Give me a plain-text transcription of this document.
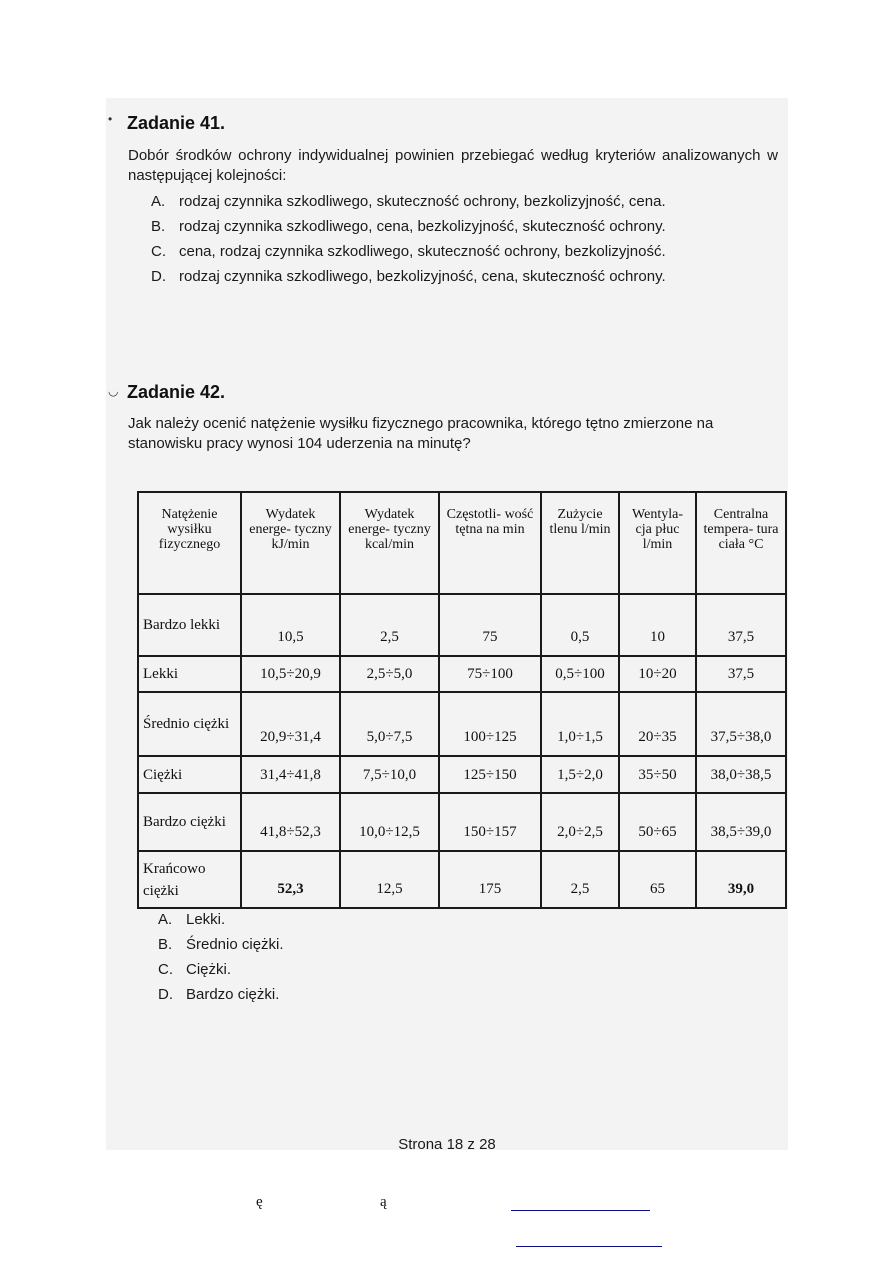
• Zadanie 41.
Dobór środków ochrony indywidualnej powinien przebiegać według kryteriów analizowanych w następującej kolejności:
A. rodzaj czynnika szkodliwego, skuteczność ochrony, bezkolizyjność, cena.
B. rodzaj czynnika szkodliwego, cena, bezkolizyjność, skuteczność ochrony.
C. cena, rodzaj czynnika szkodliwego, skuteczność ochrony, bezkolizyjność.
D. rodzaj czynnika szkodliwego, bezkolizyjność, cena, skuteczność ochrony.
◡ Zadanie 42.
Jak należy ocenić natężenie wysiłku fizycznego pracownika, którego tętno zmierzone na stanowisku pracy wynosi 104 uderzenia na minutę?
Natężenie wysiłku fizycznego	Wydatek energe- tyczny kJ/min	Wydatek energe- tyczny kcal/min	Częstotli- wość tętna na min	Zużycie tlenu l/min	Wentyla- cja płuc l/min	Centralna tempera- tura ciała °C
Bardzo lekki	10,5	2,5	75	0,5	10	37,5
Lekki	10,5÷20,9	2,5÷5,0	75÷100	0,5÷100	10÷20	37,5
Średnio ciężki	20,9÷31,4	5,0÷7,5	100÷125	1,0÷1,5	20÷35	37,5÷38,0
Ciężki	31,4÷41,8	7,5÷10,0	125÷150	1,5÷2,0	35÷50	38,0÷38,5
Bardzo ciężki	41,8÷52,3	10,0÷12,5	150÷157	2,0÷2,5	50÷65	38,5÷39,0
Krańcowo ciężki	52,3	12,5	175	2,5	65	39,0
A. Lekki.
B. Średnio ciężki.
C. Ciężki.
D. Bardzo ciężki.
Strona 18 z 28
ę	ą
